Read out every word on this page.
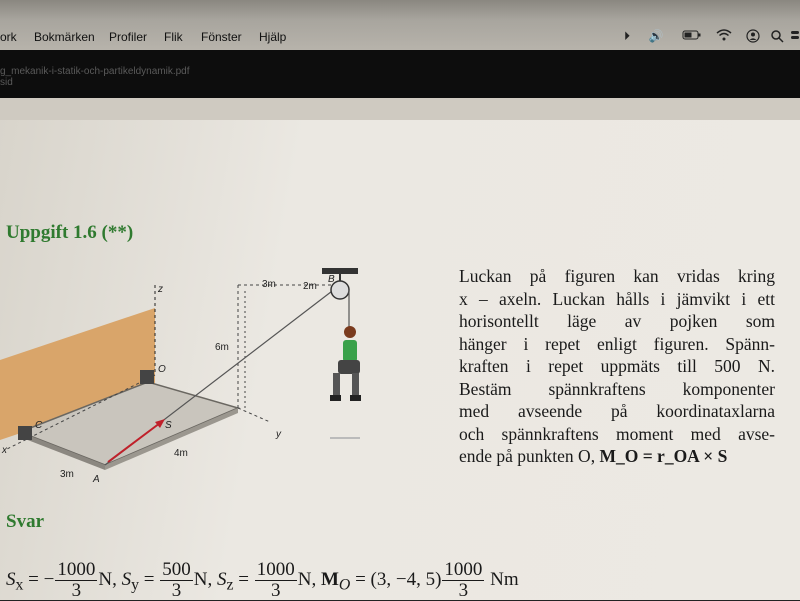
ork Bokmärken Profiler Flik Fönster Hjälp	⏵	🔊
g_mekanik-i-statik-och-partikeldynamik.pdf
sid
Uppgift 1.6 (**)
z
x
y
O
A
B
C	S
6m
4m
3m
3m	2m
Luckan på figuren kan vridas kring
x – axeln. Luckan hålls i jämvikt i ett
horisontellt läge av pojken som
hänger i repet enligt figuren. Spänn-
kraften i repet uppmäts till 500 N.
Bestäm spännkraftens komponenter
med avseende på koordinataxlarna
och spännkraftens moment med avse-
ende på punkten O, M_O = r_OA × S
Svar
$S_x$ = − $\frac{1000}{3} N$, $S_y = \frac{500}{3} N$, $S_z = \frac{1000}{3} N$, $M_O = (3$, −4, $5) \frac{1000}{3}$ Nm
